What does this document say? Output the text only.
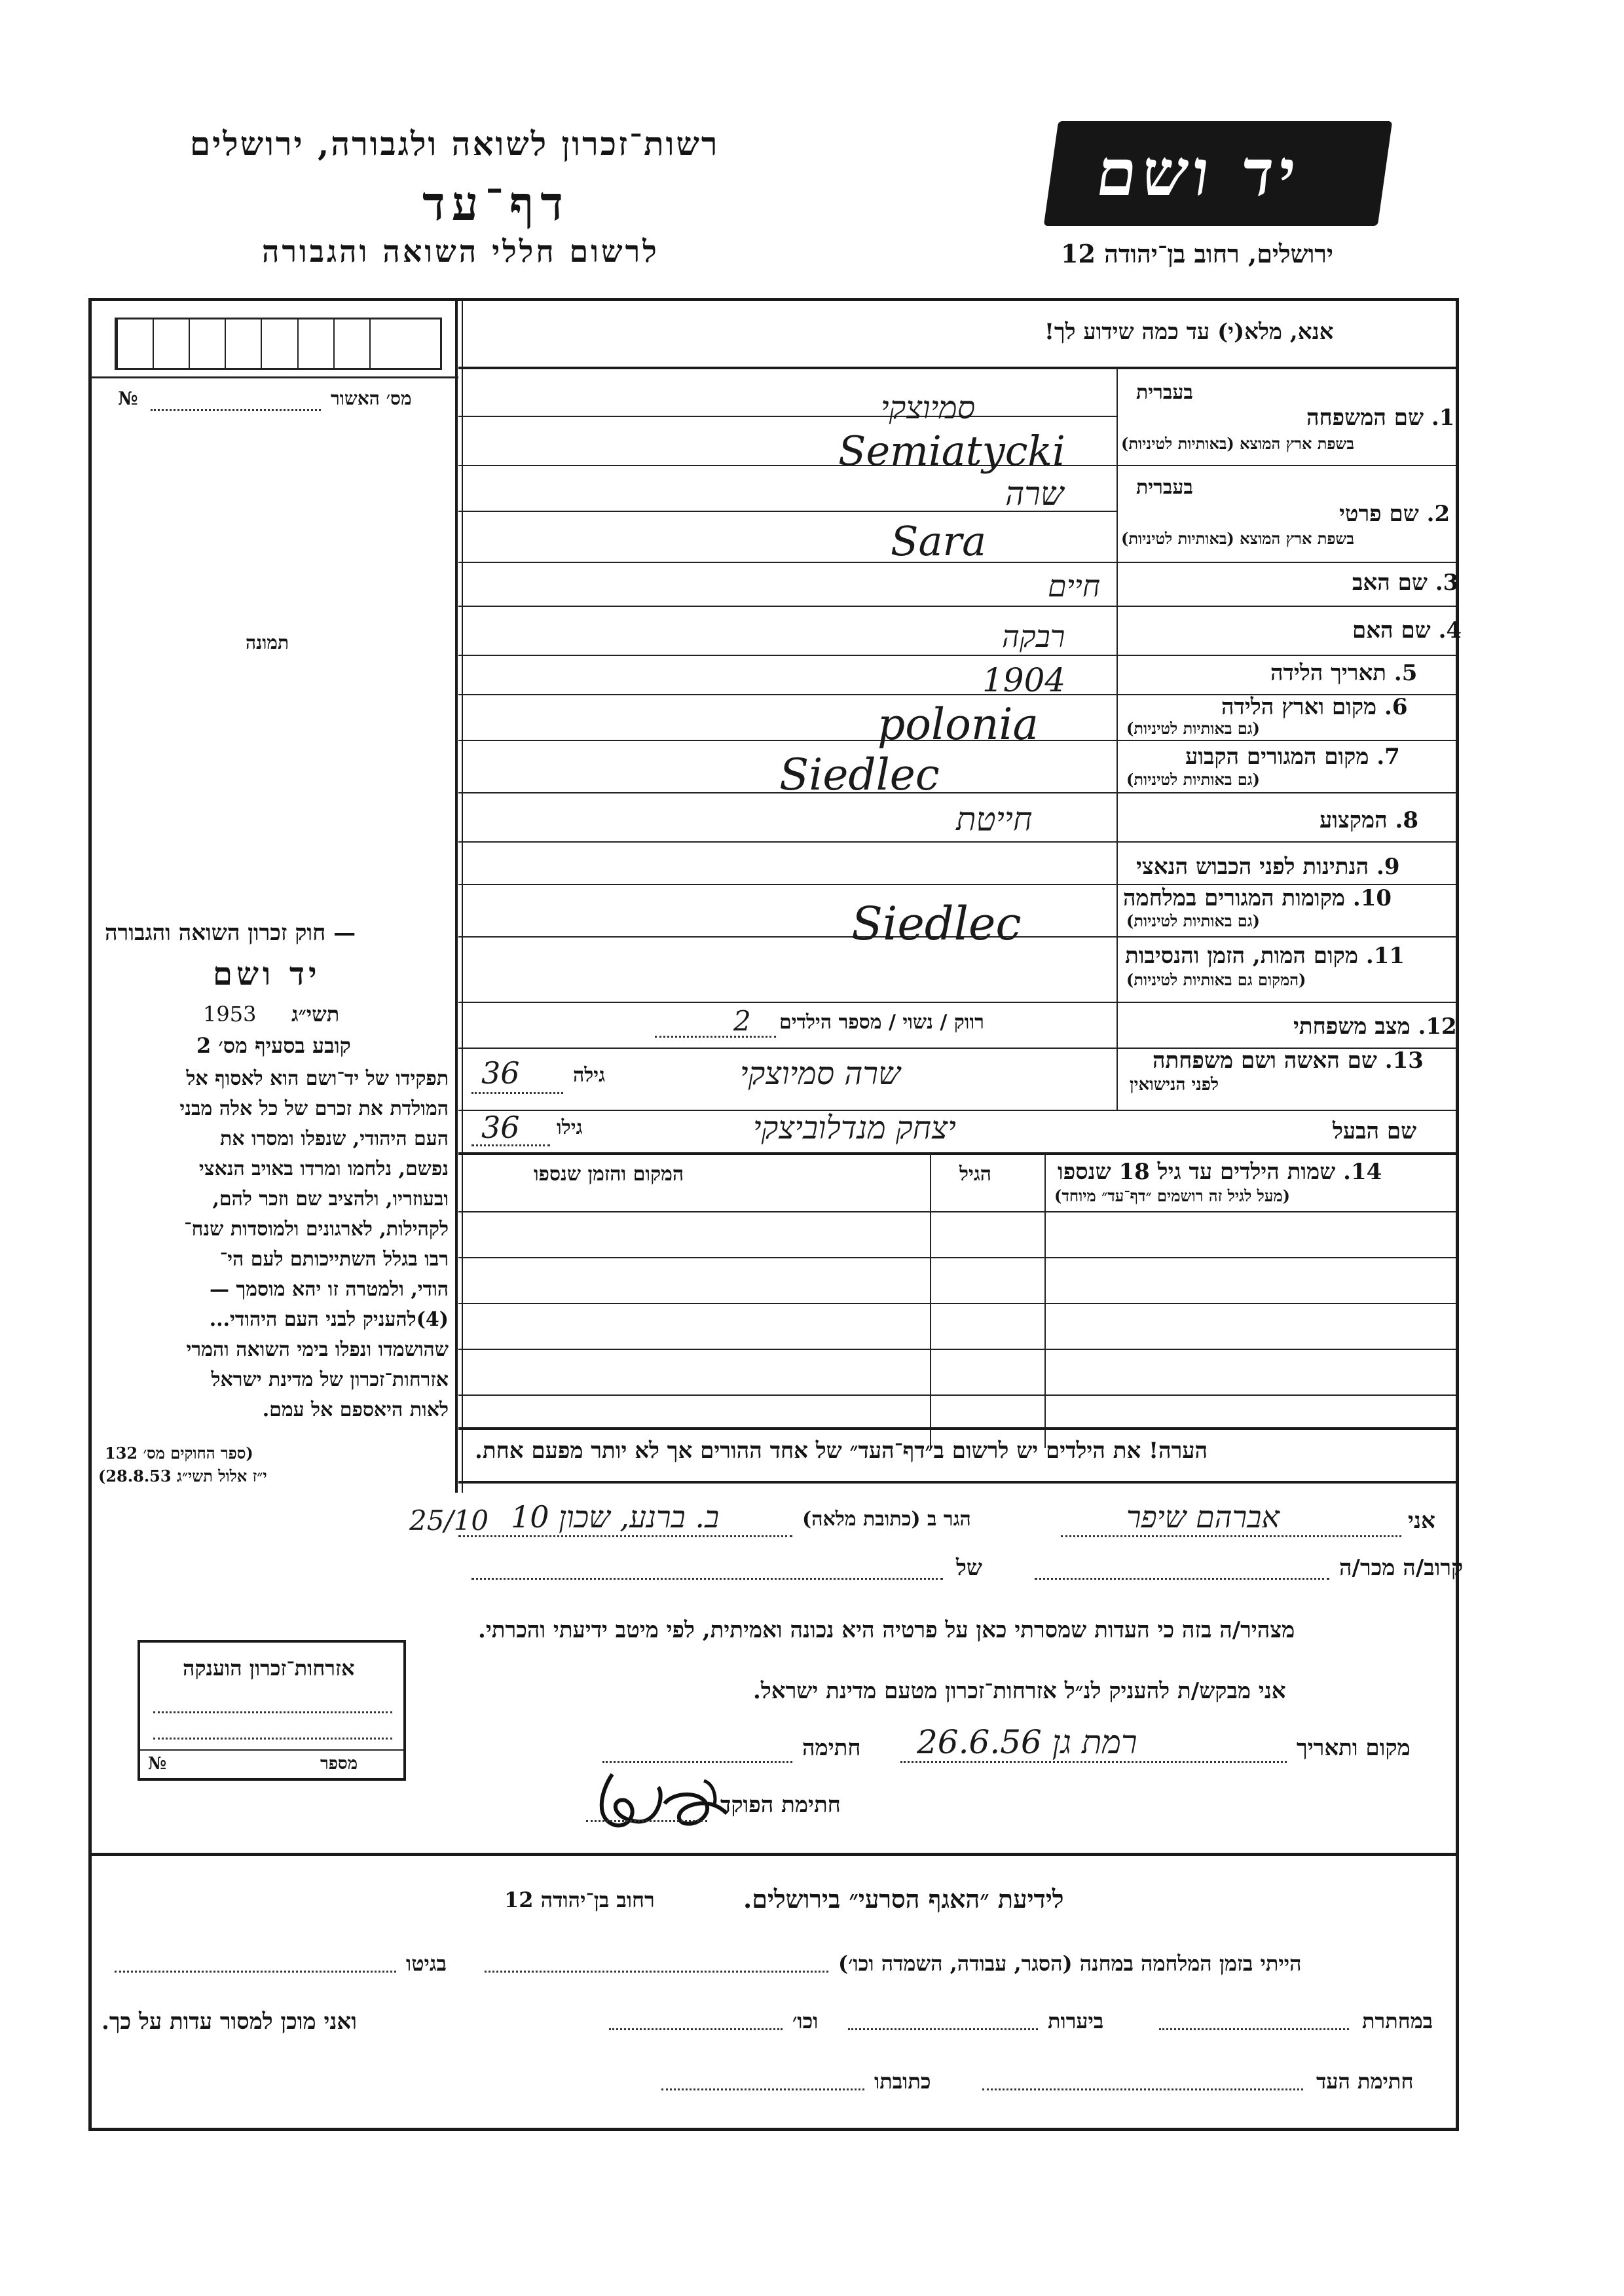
רשות־זכרון לשואה ולגבורה, ירושלים
דף־עד
לרשום חללי השואה והגבורה
יד ושם
ירושלים, רחוב בן־יהודה 12
מס׳ האשור
№
תמונה
— חוק זכרון השואה והגבורה
יד ושם
1953 תשי״ג
קובע בסעיף מס׳ 2
תפקידו של יד־ושם הוא לאסוף אל
המולדת את זכרם של כל אלה מבני
העם היהודי, שנפלו ומסרו את
נפשם, נלחמו ומרדו באויב הנאצי
ובעוזריו, ולהציב שם וזכר להם,
לקהילות, לארגונים ולמוסדות שנח־
רבו בגלל השתייכותם לעם הי־
הודי, ולמטרה זו יהא מוסמך —
(4)להעניק לבני העם היהודי...
שהושמדו ונפלו בימי השואה והמרי
אזרחות־זכרון של מדינת ישראל
לאות היאספם אל עמם.
(ספר החוקים מס׳ 132
י״ז אלול תשי״ג 28.8.53)
אנא, מלא(י) עד כמה שידוע לך!
בעברית
1. שם המשפחה
בשפת ארץ המוצא (באותיות לטיניות)
סמיוצקי
Semiatycki
בעברית
2. שם פרטי
בשפת ארץ המוצא (באותיות לטיניות)
שרה
Sara
3. שם האב
חיים
4. שם האם
רבקה
5. תאריך הלידה
1904
6. מקום וארץ הלידה
(גם באותיות לטיניות)
polonia
7. מקום המגורים הקבוע
(גם באותיות לטיניות)
Siedlec
8. המקצוע
חייטת
9. הנתינות לפני הכבוש הנאצי
10. מקומות המגורים במלחמה
(גם באותיות לטיניות)
Siedlec
11. מקום המות, הזמן והנסיבות
(המקום גם באותיות לטיניות)
12. מצב משפחתי
רווק / נשוי / מספר הילדים
2
13. שם האשה ושם משפחתה
לפני הנישואין
שרה סמיוצקי
גילה
36
שם הבעל
יצחק מנדלוביצקי
גילו
36
14. שמות הילדים עד גיל 18 שנספו
(מעל לגיל זה רושמים ״דף־עד״ מיוחד)
הגיל
המקום והזמן שנספו
הערה! את הילדים יש לרשום ב״דף־העד״ של אחד ההורים אך לא יותר מפעם אחת.
אני
אברהם שיפר
הגר ב (כתובת מלאה)
ב. ברנע, שכון 10
25/10
קרוב/ה מכר/ה
של
מצהיר/ה בזה כי העדות שמסרתי כאן על פרטיה היא נכונה ואמיתית, לפי מיטב ידיעתי והכרתי.
אני מבקש/ת להעניק לנ״ל אזרחות־זכרון מטעם מדינת ישראל.
מקום ותאריך
רמת גן 26.6.56
חתימה
חתימת הפוקד
אזרחות־זכרון הוענקה
מספר
№
לידיעת ״האגף הסרעי״ בירושלים.
רחוב בן־יהודה 12
הייתי בזמן המלחמה במחנה (הסגר, עבודה, השמדה וכו׳)
בגיטו
במחתרת
ביערות
וכו׳
ואני מוכן למסור עדות על כך.
חתימת העד
כתובתו
